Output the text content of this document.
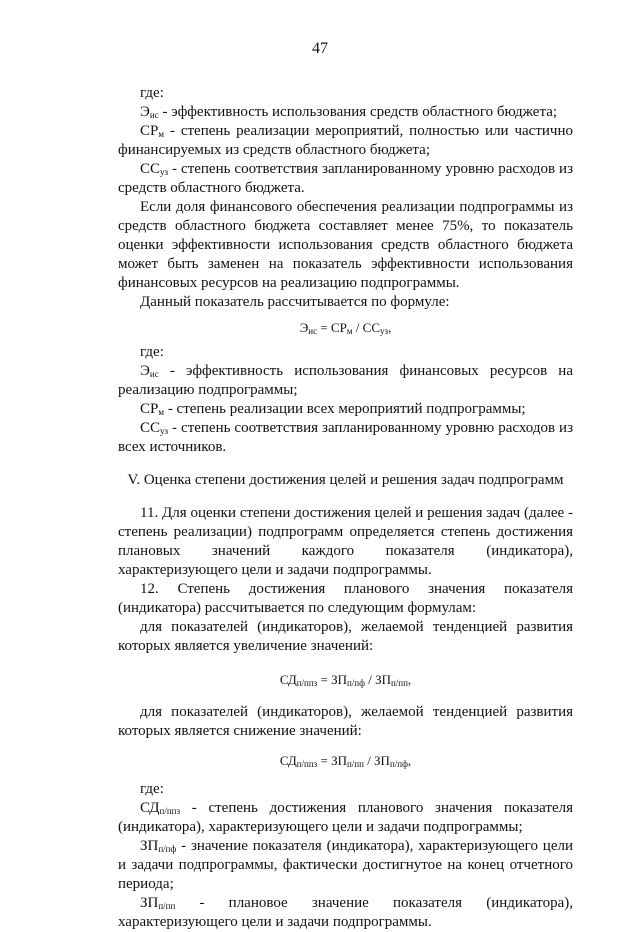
47

где:

$Э_{ис}$ - эффективность использования средств областного бюджета;

$СР_м$ - степень реализации мероприятий, полностью или частично финансируемых из средств областного бюджета;

$СС_{уз}$ - степень соответствия запланированному уровню расходов из средств областного бюджета.

Если доля финансового обеспечения реализации подпрограммы из средств областного бюджета составляет менее 75%, то показатель оценки эффективности использования средств областного бюджета может быть заменен на показатель эффективности использования финансовых ресурсов на реализацию подпрограммы.

Данный показатель рассчитывается по формуле:

$Э_{ис} = СР_м / СС_{уз}$,

где:

$Э_{ис}$ - эффективность использования финансовых ресурсов на реализацию подпрограммы;

$СР_м$ - степень реализации всех мероприятий подпрограммы;

$СС_{уз}$ - степень соответствия запланированному уровню расходов из всех источников.

V. Оценка степени достижения целей и решения задач подпрограмм

11. Для оценки степени достижения целей и решения задач (далее - степень реализации) подпрограмм определяется степень достижения плановых значений каждого показателя (индикатора), характеризующего цели и задачи подпрограммы.

12. Степень достижения планового значения показателя (индикатора) рассчитывается по следующим формулам:

для показателей (индикаторов), желаемой тенденцией развития которых является увеличение значений:

$СД_{п/ппз} = ЗП_{п/пф} / ЗП_{п/пп}$,

для показателей (индикаторов), желаемой тенденцией развития которых является снижение значений:

$СД_{п/ппз} = ЗП_{п/пп} / ЗП_{п/пф}$,

где:

$СД_{п/ппз}$ - степень достижения планового значения показателя (индикатора), характеризующего цели и задачи подпрограммы;

$ЗП_{п/пф}$ - значение показателя (индикатора), характеризующего цели и задачи подпрограммы, фактически достигнутое на конец отчетного периода;

$ЗП_{п/пп}$ - плановое значение показателя (индикатора), характеризующего цели и задачи подпрограммы.
